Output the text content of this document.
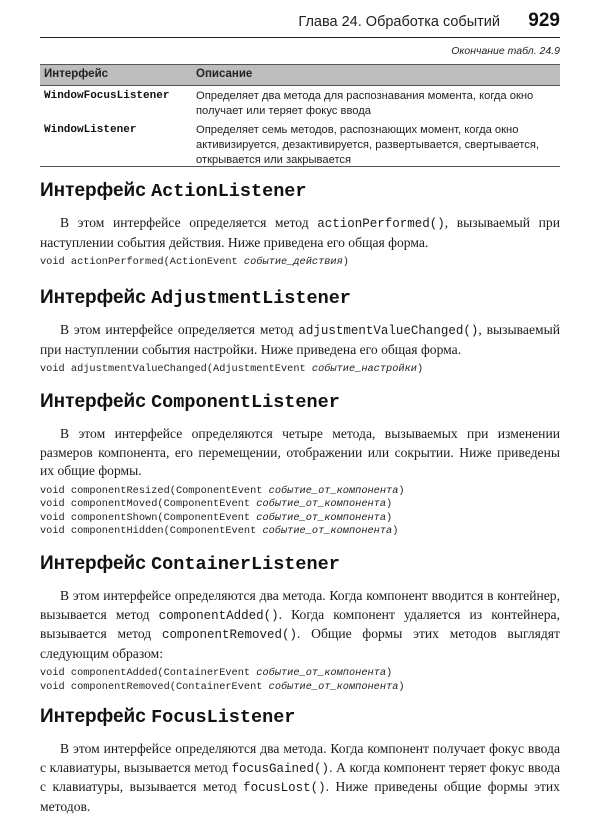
Глава 24. Обработка событий 929
Окончание табл. 24.9
Интерфейс	Описание
WindowFocusListener Определяет два метода для распознавания момента, когда окно
получает или теряет фокус ввода
WindowListener	Определяет семь методов, распознающих момент, когда окно
активизируется, дезактивируется, развертывается, свертывается,
открывается или закрывается
Интерфейс ActionListener
В этом интерфейсе определяется метод actionPerformed(), вызываемый при наступлении события действия. Ниже приведена его общая форма.
void actionPerformed(ActionEvent событие_действия)
Интерфейс AdjustmentListener
В этом интерфейсе определяется метод adjustmentValueChanged(), вызываемый при наступлении события настройки. Ниже приведена его общая форма.
void adjustmentValueChanged(AdjustmentEvent событие_настройки)
Интерфейс ComponentListener
В этом интерфейсе определяются четыре метода, вызываемых при изменении размеров компонента, его перемещении, отображении или сокрытии. Ниже приведены их общие формы.
void componentResized(ComponentEvent событие_от_компонента)
void componentMoved(ComponentEvent событие_от_компонента)
void componentShown(ComponentEvent событие_от_компонента)
void componentHidden(ComponentEvent событие_от_компонента)
Интерфейс ContainerListener
В этом интерфейсе определяются два метода. Когда компонент вводится в контейнер, вызывается метод componentAdded(). Когда компонент удаляется из контейнера, вызывается метод componentRemoved(). Общие формы этих методов выглядят следующим образом:
void componentAdded(ContainerEvent событие_от_компонента)
void componentRemoved(ContainerEvent событие_от_компонента)
Интерфейс FocusListener
В этом интерфейсе определяются два метода. Когда компонент получает фокус ввода с клавиатуры, вызывается метод focusGained(). А когда компонент теряет фокус ввода с клавиатуры, вызывается метод focusLost(). Ниже приведены общие формы этих методов.
